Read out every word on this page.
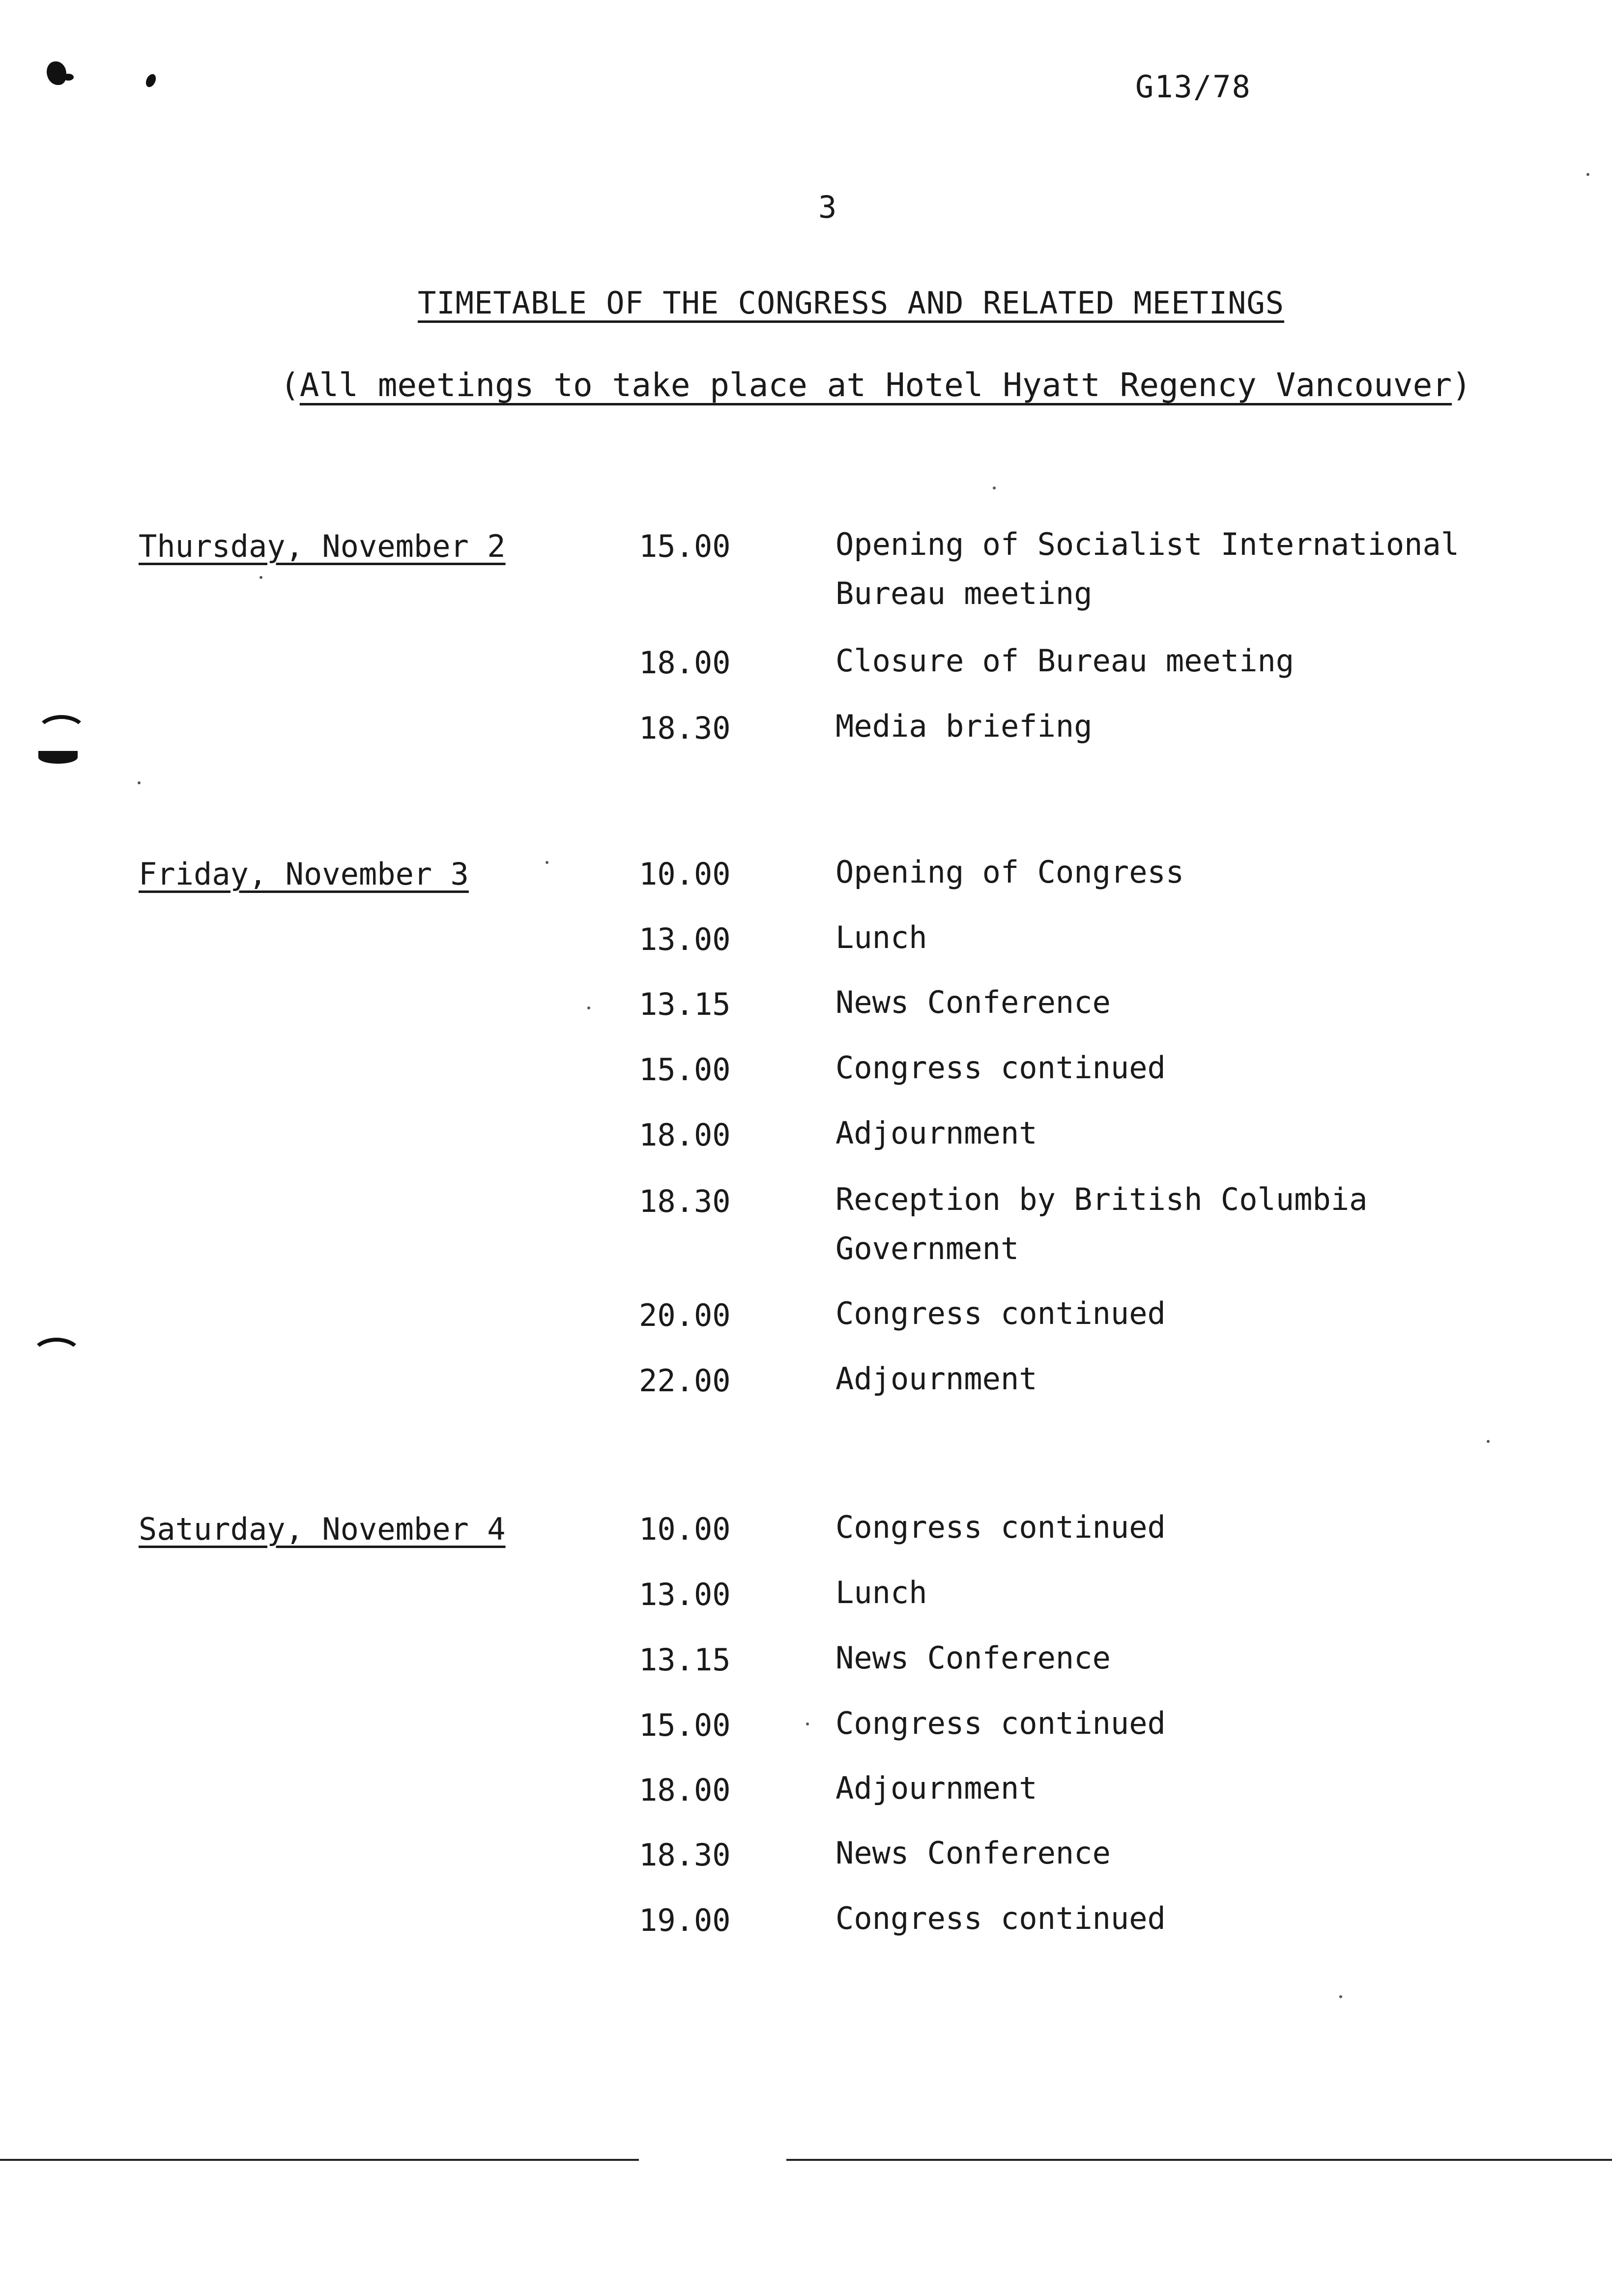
G13/78
3
TIMETABLE OF THE CONGRESS AND RELATED MEETINGS
(All meetings to take place at Hotel Hyatt Regency Vancouver)
Thursday, November 2	15.00	Opening of Socialist International
Bureau meeting
18.00	Closure of Bureau meeting
18.30	Media briefing
Friday, November 3	10.00	Opening of Congress
13.00	Lunch
13.15	News Conference
15.00	Congress continued
18.00	Adjournment
18.30	Reception by British Columbia
Government
20.00	Congress continued
22.00	Adjournment
Saturday, November 4	10.00	Congress continued
13.00	Lunch
13.15	News Conference
15.00	Congress continued
18.00	Adjournment
18.30	News Conference
19.00	Congress continued
